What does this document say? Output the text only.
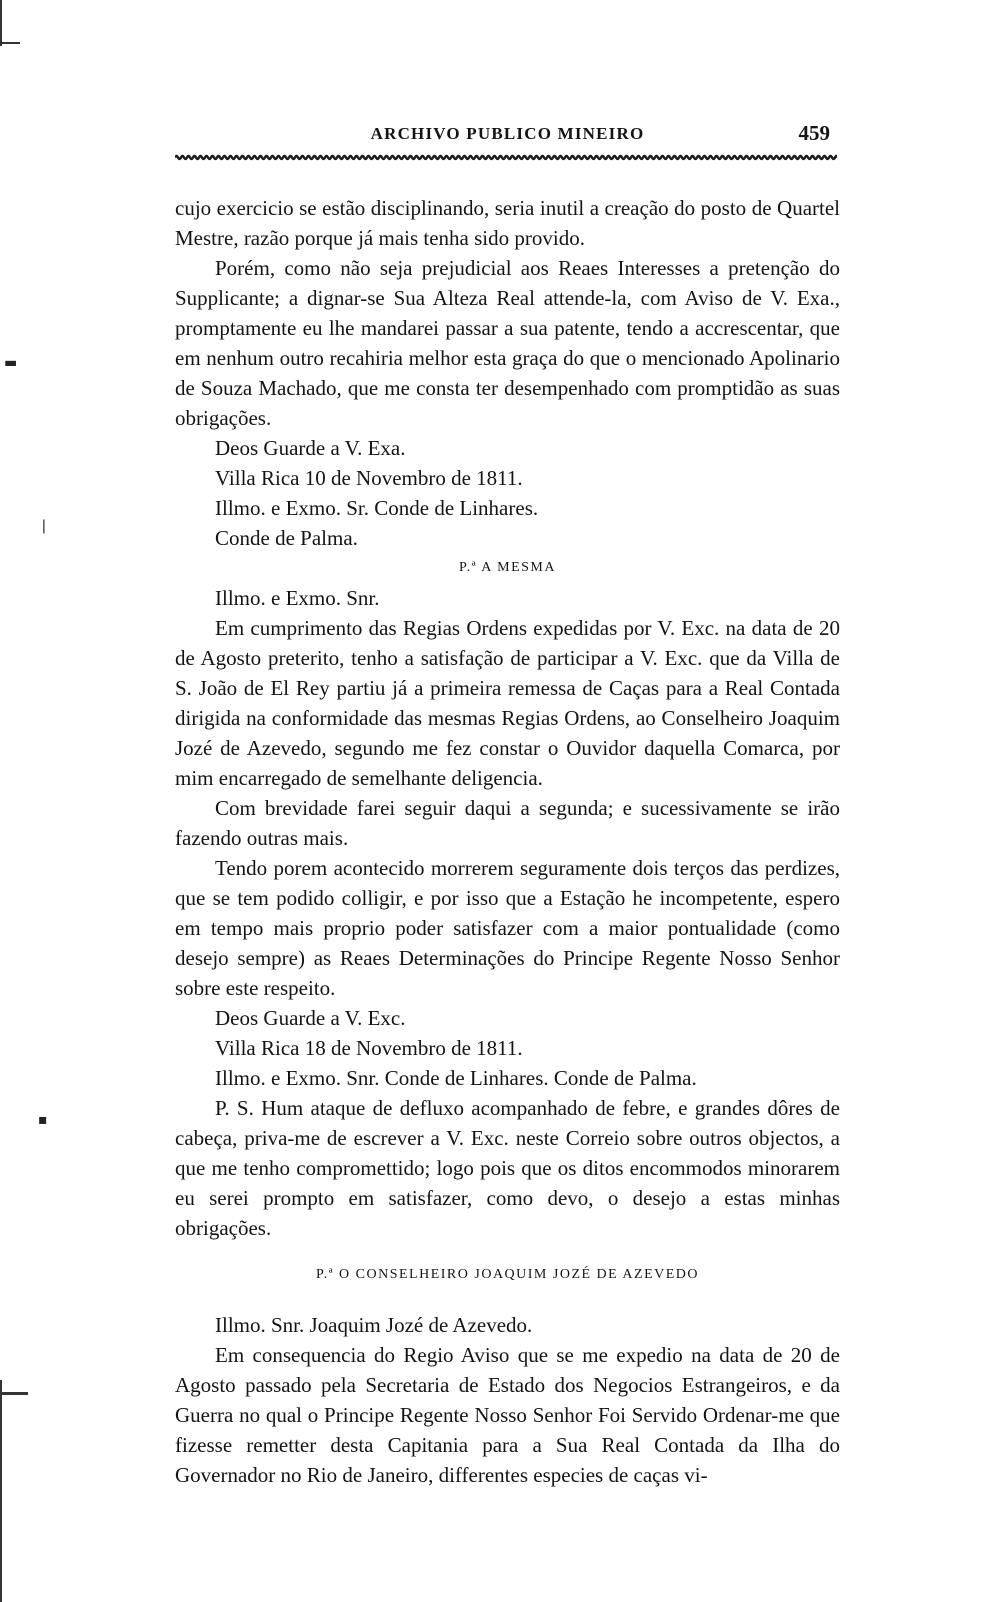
▬
❘
▪
ARCHIVO PUBLICO MINEIRO	459

cujo exercicio se estão disciplinando, seria inutil a creação do posto de Quartel Mestre, razão porque já mais tenha sido provido.

Porém, como não seja prejudicial aos Reaes Interesses a pretenção do Supplicante; a dignar-se Sua Alteza Real attende-la, com Aviso de V. Exa., promptamente eu lhe mandarei passar a sua patente, tendo a accrescentar, que em nenhum outro recahiria melhor esta graça do que o mencionado Apolinario de Souza Machado, que me consta ter desempenhado com promptidão as suas obrigações.

Deos Guarde a V. Exa.

Villa Rica 10 de Novembro de 1811.

Illmo. e Exmo. Sr. Conde de Linhares.

Conde de Palma.

P.ª A MESMA

Illmo. e Exmo. Snr.

Em cumprimento das Regias Ordens expedidas por V. Exc. na data de 20 de Agosto preterito, tenho a satisfação de participar a V. Exc. que da Villa de S. João de El Rey partiu já a primeira remessa de Caças para a Real Contada dirigida na conformidade das mesmas Regias Ordens, ao Conselheiro Joaquim Jozé de Azevedo, segundo me fez constar o Ouvidor daquella Comarca, por mim encarregado de semelhante deligencia.

Com brevidade farei seguir daqui a segunda; e sucessivamente se irão fazendo outras mais.

Tendo porem acontecido morrerem seguramente dois terços das perdizes, que se tem podido colligir, e por isso que a Estação he incompetente, espero em tempo mais proprio poder satisfazer com a maior pontualidade (como desejo sempre) as Reaes Determinações do Principe Regente Nosso Senhor sobre este respeito.

Deos Guarde a V. Exc.

Villa Rica 18 de Novembro de 1811.

Illmo. e Exmo. Snr. Conde de Linhares. Conde de Palma.

P. S. Hum ataque de defluxo acompanhado de febre, e grandes dôres de cabeça, priva-me de escrever a V. Exc. neste Correio sobre outros objectos, a que me tenho compromettido; logo pois que os ditos encommodos minorarem eu serei prompto em satisfazer, como devo, o desejo a estas minhas obrigações.

P.ª O CONSELHEIRO JOAQUIM JOZÉ DE AZEVEDO

Illmo. Snr. Joaquim Jozé de Azevedo.

Em consequencia do Regio Aviso que se me expedio na data de 20 de Agosto passado pela Secretaria de Estado dos Negocios Estrangeiros, e da Guerra no qual o Principe Regente Nosso Senhor Foi Servido Ordenar-me que fizesse remetter desta Capitania para a Sua Real Contada da Ilha do Governador no Rio de Janeiro, differentes especies de caças vi-
